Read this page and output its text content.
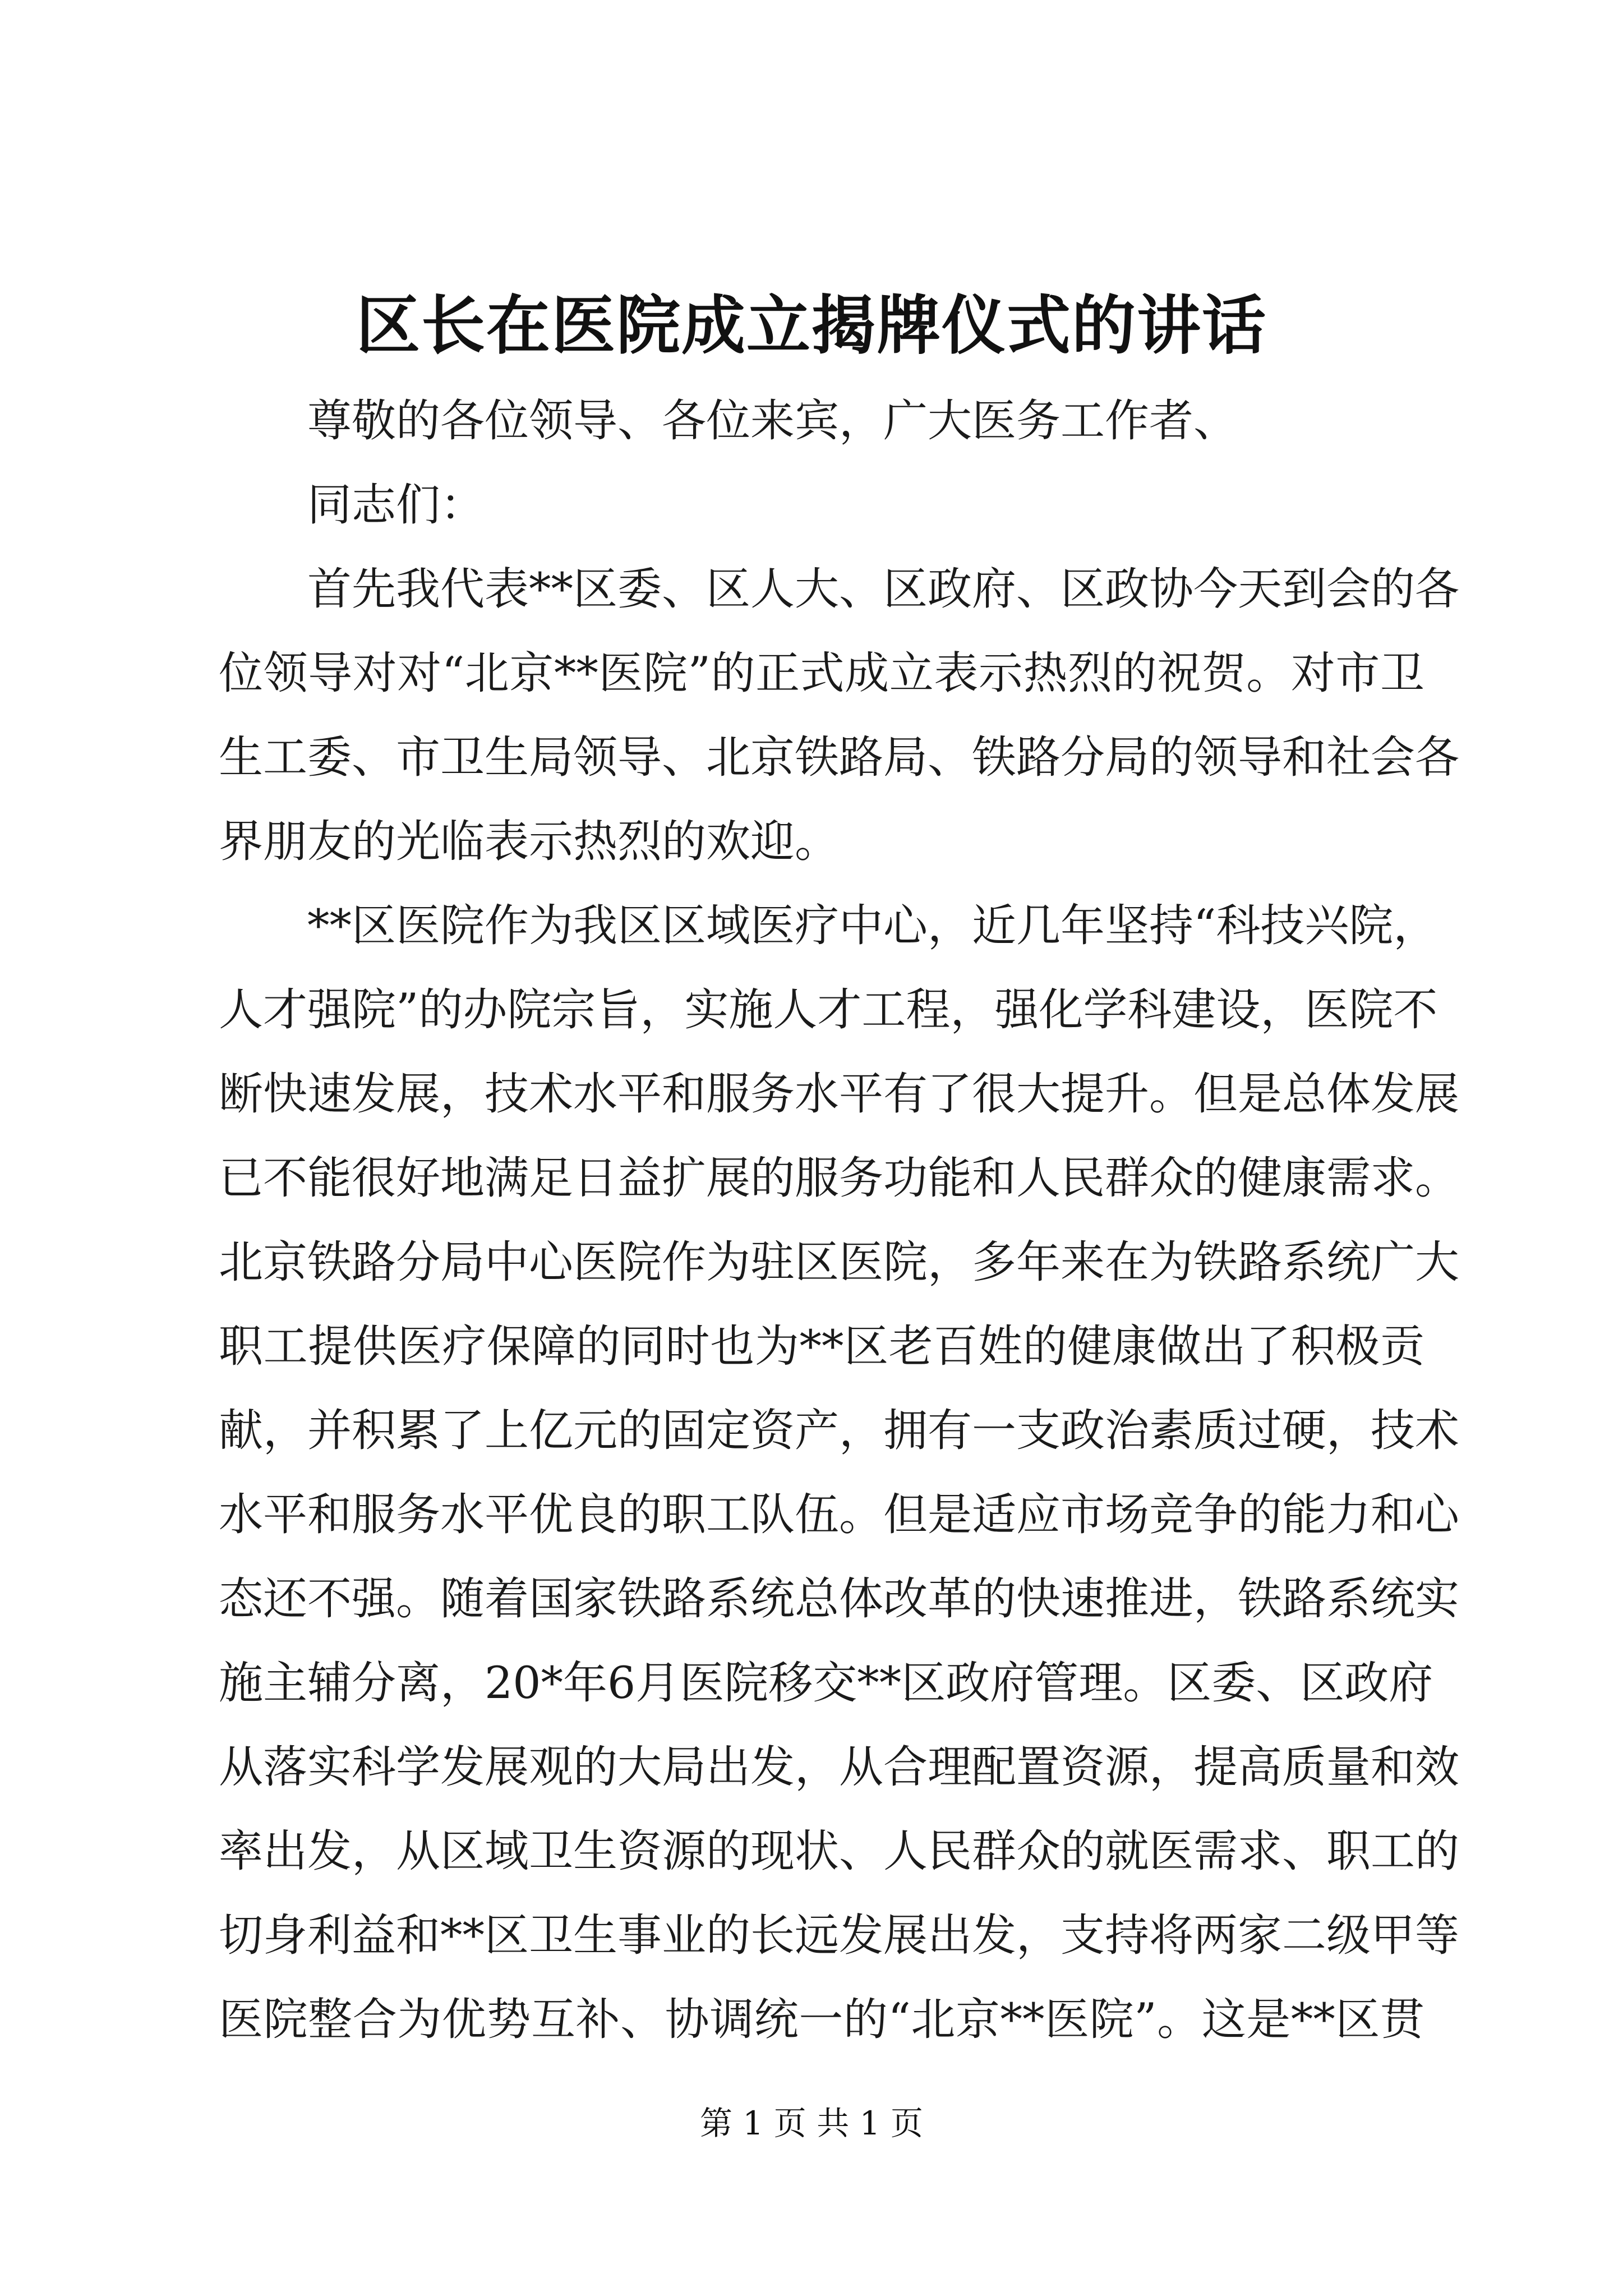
区长在医院成立揭牌仪式的讲话
尊敬的各位领导、各位来宾，广大医务工作者、
同志们：
首先我代表**区委、区人大、区政府、区政协今天到会的各
位领导对对“北京**医院”的正式成立表示热烈的祝贺。对市卫
生工委、市卫生局领导、北京铁路局、铁路分局的领导和社会各
界朋友的光临表示热烈的欢迎。
**区医院作为我区区域医疗中心，近几年坚持“科技兴院，
人才强院”的办院宗旨，实施人才工程，强化学科建设，医院不
断快速发展，技术水平和服务水平有了很大提升。但是总体发展
已不能很好地满足日益扩展的服务功能和人民群众的健康需求。
北京铁路分局中心医院作为驻区医院，多年来在为铁路系统广大
职工提供医疗保障的同时也为**区老百姓的健康做出了积极贡
献，并积累了上亿元的固定资产，拥有一支政治素质过硬，技术
水平和服务水平优良的职工队伍。但是适应市场竞争的能力和心
态还不强。随着国家铁路系统总体改革的快速推进，铁路系统实
施主辅分离，20*年6月医院移交**区政府管理。区委、区政府
从落实科学发展观的大局出发，从合理配置资源，提高质量和效
率出发，从区域卫生资源的现状、人民群众的就医需求、职工的
切身利益和**区卫生事业的长远发展出发，支持将两家二级甲等
医院整合为优势互补、协调统一的“北京**医院”。这是**区贯
第 1 页 共 1 页
